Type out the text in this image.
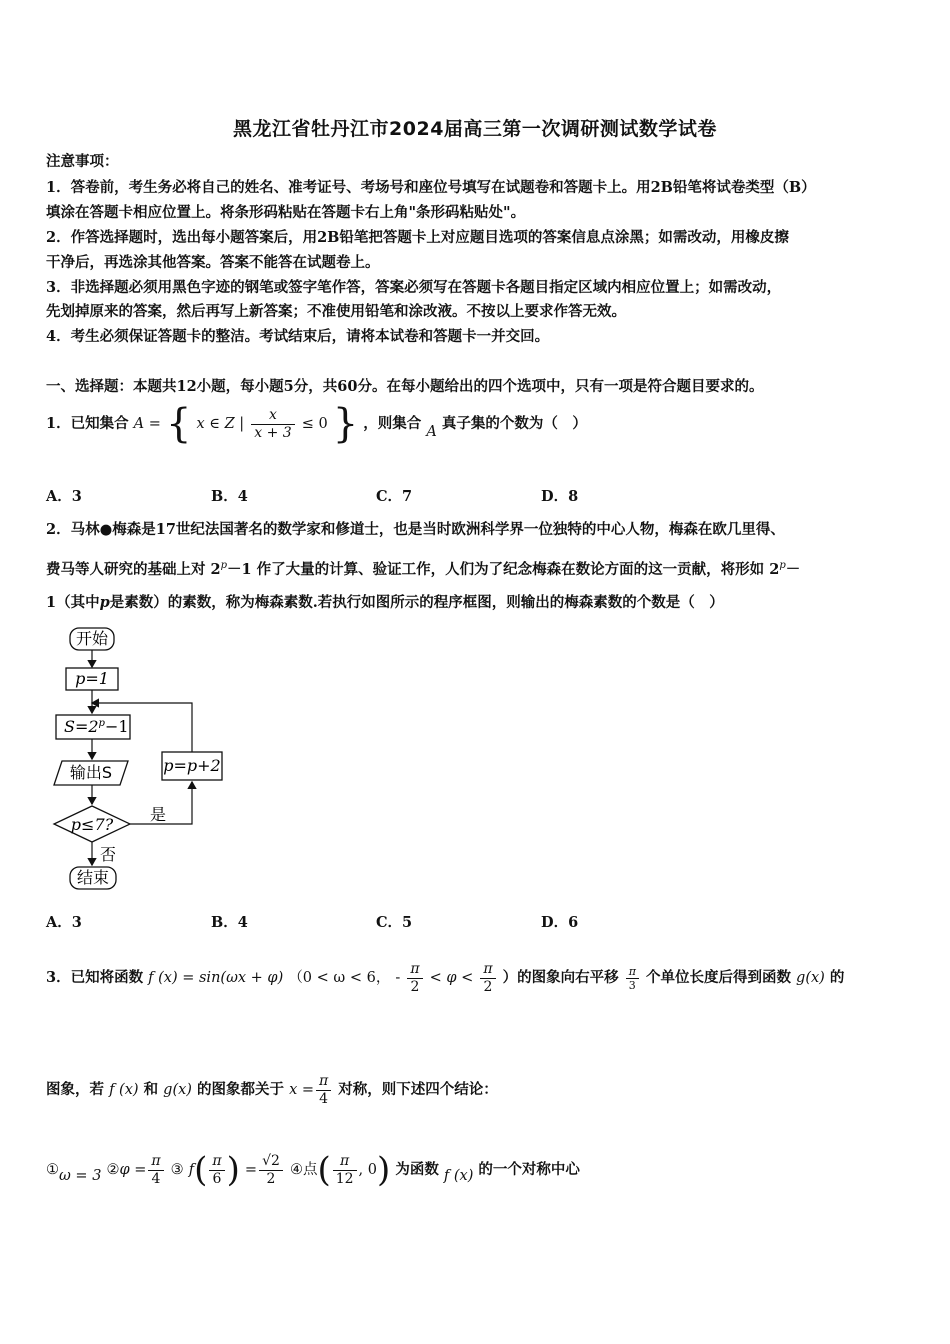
黑龙江省牡丹江市2024届高三第一次调研测试数学试卷
注意事项：
1．答卷前，考生务必将自己的姓名、准考证号、考场号和座位号填写在试题卷和答题卡上。用2B铅笔将试卷类型（B）
填涂在答题卡相应位置上。将条形码粘贴在答题卡右上角"条形码粘贴处"。
2．作答选择题时，选出每小题答案后，用2B铅笔把答题卡上对应题目选项的答案信息点涂黑；如需改动，用橡皮擦
干净后，再选涂其他答案。答案不能答在试题卷上。
3．非选择题必须用黑色字迹的钢笔或签字笔作答，答案必须写在答题卡各题目指定区域内相应位置上；如需改动，
先划掉原来的答案，然后再写上新答案；不准使用铅笔和涂改液。不按以上要求作答无效。
4．考生必须保证答题卡的整洁。考试结束后，请将本试卷和答题卡一并交回。
一、选择题：本题共12小题，每小题5分，共60分。在每小题给出的四个选项中，只有一项是符合题目要求的。
1．已知集合 A = { x ∈ Z | $\frac{x}{x + 3} \le 0$ } ，则集合 A 真子集的个数为（　）
A．3	B．4	C．7	D．8
2．马林●梅森是17世纪法国著名的数学家和修道士，也是当时欧洲科学界一位独特的中心人物，梅森在欧几里得、
费马等人研究的基础上对 $2^p-1$ 作了大量的计算、验证工作，人们为了纪念梅森在数论方面的这一贡献，将形如 $2^p-$
1（其中p是素数）的素数，称为梅森素数.若执行如图所示的程序框图，则输出的梅森素数的个数是（　）
开始
p=1
$S=2^p-1$
输出S
p≤7?
是
p=p+2
否
结束
A．3	B．4	C．5	D．6
3．已知将函数 f (x) = sin(ωx + φ) （0 < ω < 6， - $\frac{\pi}{2} < \varphi < \frac{\pi}{2}$ ）的图象向右平移 $\frac{\pi}{3}$ 个单位长度后得到函数 g(x) 的
图象，若 f (x) 和 g(x) 的图象都关于 $x = \frac{\pi}{4}$ 对称，则下述四个结论：
①ω = 3 ②φ = $\frac{\pi}{4}$ ③ $f( \frac{\pi}{6}$ ) = $\frac{√2}{2}$ ④点( $\frac{\pi}{12}$ , 0) 为函数 f (x) 的一个对称中心
